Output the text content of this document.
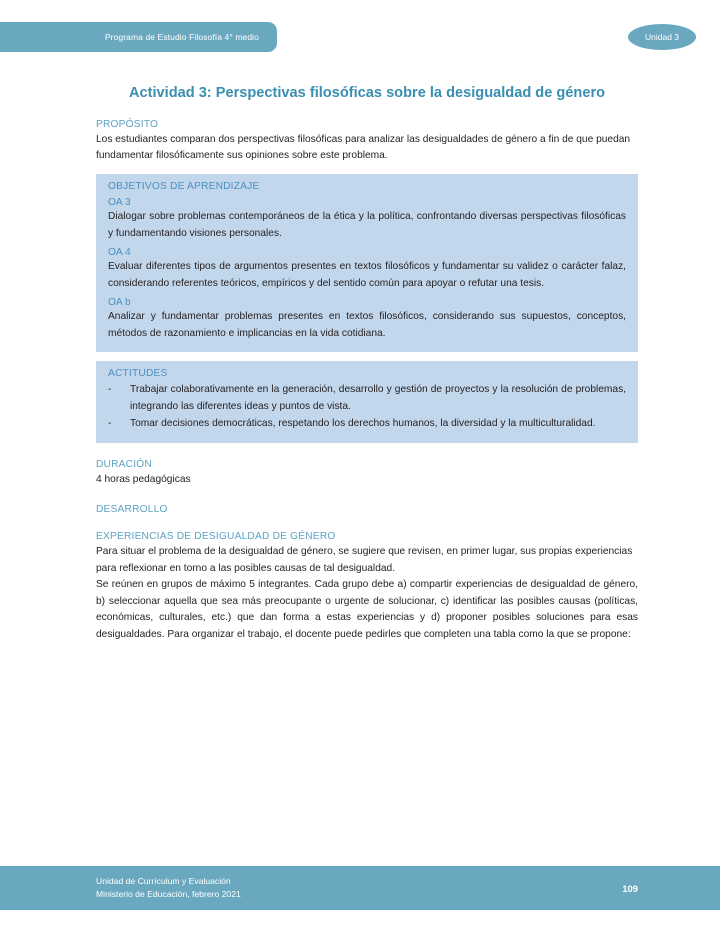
Programa de Estudio Filosofía 4° medio	Unidad 3
Actividad 3: Perspectivas filosóficas sobre la desigualdad de género
PROPÓSITO

Los estudiantes comparan dos perspectivas filosóficas para analizar las desigualdades de género a fin de que puedan fundamentar filosóficamente sus opiniones sobre este problema.

OBJETIVOS DE APRENDIZAJE
OA 3

Dialogar sobre problemas contemporáneos de la ética y la política, confrontando diversas perspectivas filosóficas y fundamentando visiones personales.

OA 4

Evaluar diferentes tipos de argumentos presentes en textos filosóficos y fundamentar su validez o carácter falaz, considerando referentes teóricos, empíricos y del sentido común para apoyar o refutar una tesis.

OA b

Analizar y fundamentar problemas presentes en textos filosóficos, considerando sus supuestos, conceptos, métodos de razonamiento e implicancias en la vida cotidiana.

ACTITUDES
-	Trabajar colaborativamente en la generación, desarrollo y gestión de proyectos y la resolución de problemas, integrando las diferentes ideas y puntos de vista.
-	Tomar decisiones democráticas, respetando los derechos humanos, la diversidad y la multiculturalidad.
DURACIÓN

4 horas pedagógicas

DESARROLLO
EXPERIENCIAS DE DESIGUALDAD DE GÉNERO

Para situar el problema de la desigualdad de género, se sugiere que revisen, en primer lugar, sus propias experiencias para reflexionar en torno a las posibles causas de tal desigualdad.

Se reúnen en grupos de máximo 5 integrantes. Cada grupo debe a) compartir experiencias de desigualdad de género, b) seleccionar aquella que sea más preocupante o urgente de solucionar, c) identificar las posibles causas (políticas, económicas, culturales, etc.) que dan forma a estas experiencias y d) proponer posibles soluciones para esas desigualdades. Para organizar el trabajo, el docente puede pedirles que completen una tabla como la que se propone:

Unidad de Currículum y Evaluación
Ministerio de Educación, febrero 2021
109
